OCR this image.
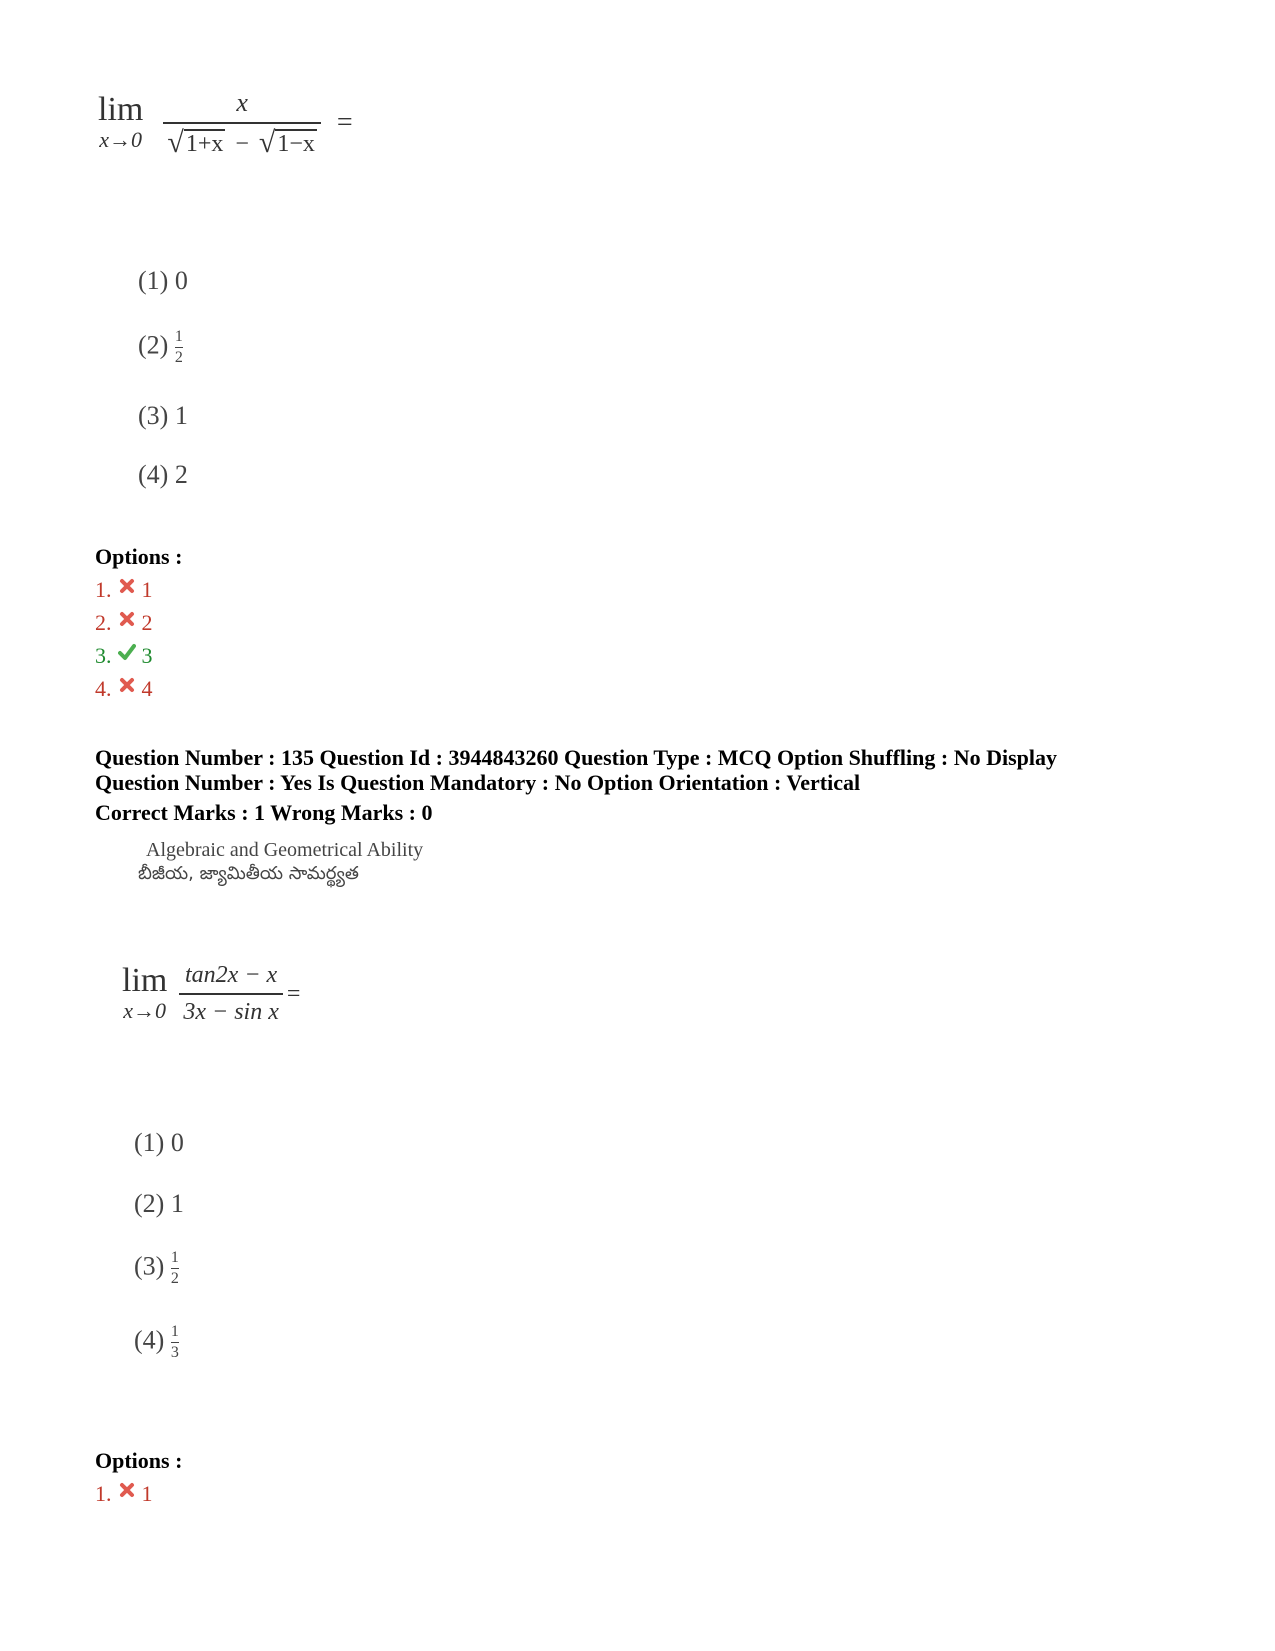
lim
$x\to 0 \frac{x}{√ 1+x - √ 1-x}$ =
(1) 0
$(2) \frac{1}{2}$
(3) 1
(4) 2
Options :
1. 1
2. 2
3. 3
4. 4
Question Number : 135 Question Id : 3944843260 Question Type : MCQ Option Shuffling : No Display
Question Number : Yes Is Question Mandatory : No Option Orientation : Vertical
Correct Marks : 1 Wrong Marks : 0
Algebraic and Geometrical Ability
బీజీయ, జ్యామితీయ సామర్థ్యత
lim
$x\to 0 \frac{\tan 2x - x}{\text{3x − sin x}}$ =
(1) 0
(2) 1
$(3) \frac{1}{2}$
$(4) \frac{1}{3}$
Options :
1. 1
